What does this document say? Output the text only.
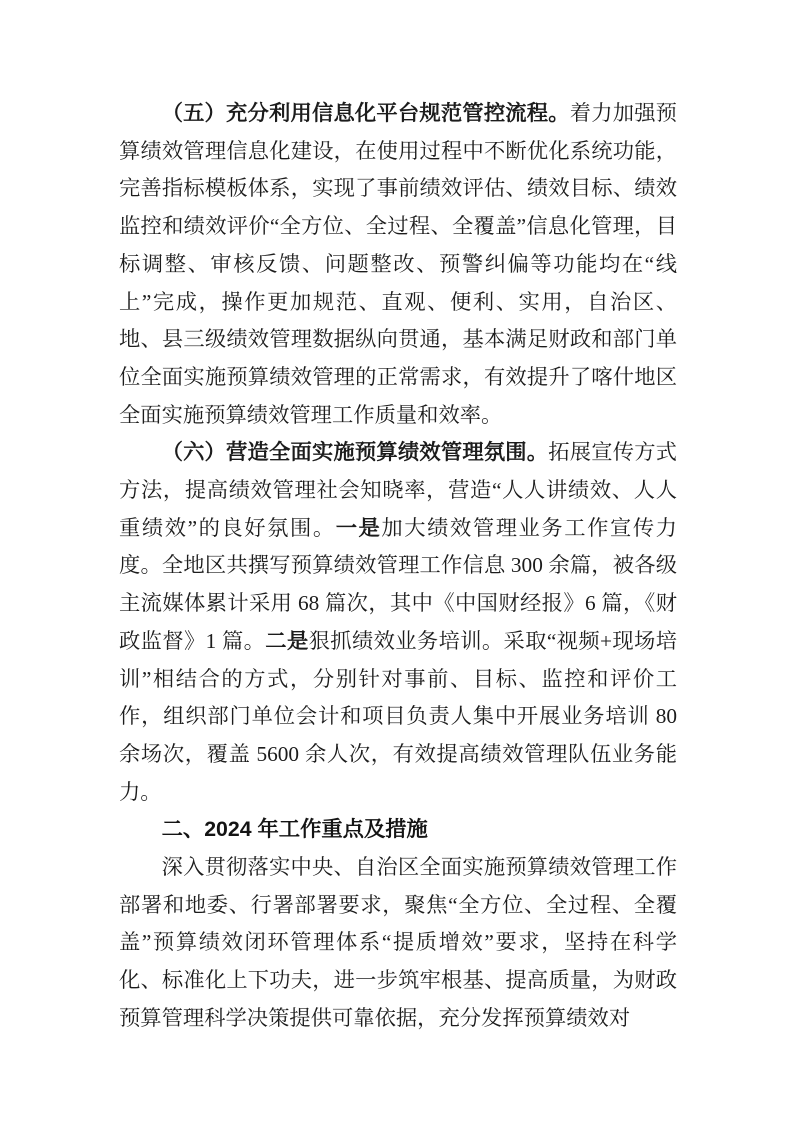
（五）充分利用信息化平台规范管控流程。着力加强预算绩效管理信息化建设，在使用过程中不断优化系统功能，完善指标模板体系，实现了事前绩效评估、绩效目标、绩效监控和绩效评价“全方位、全过程、全覆盖”信息化管理，目标调整、审核反馈、问题整改、预警纠偏等功能均在“线上”完成，操作更加规范、直观、便利、实用，自治区、地、县三级绩效管理数据纵向贯通，基本满足财政和部门单位全面实施预算绩效管理的正常需求，有效提升了喀什地区全面实施预算绩效管理工作质量和效率。

（六）营造全面实施预算绩效管理氛围。拓展宣传方式方法，提高绩效管理社会知晓率，营造“人人讲绩效、人人重绩效”的良好氛围。一是加大绩效管理业务工作宣传力度。全地区共撰写预算绩效管理工作信息 300 余篇，被各级主流媒体累计采用 68 篇次，其中《中国财经报》6 篇，《财政监督》1 篇。二是狠抓绩效业务培训。采取“视频+现场培训”相结合的方式，分别针对事前、目标、监控和评价工作，组织部门单位会计和项目负责人集中开展业务培训 80 余场次，覆盖 5600 余人次，有效提高绩效管理队伍业务能力。

二、2024 年工作重点及措施

深入贯彻落实中央、自治区全面实施预算绩效管理工作部署和地委、行署部署要求，聚焦“全方位、全过程、全覆盖”预算绩效闭环管理体系“提质增效”要求，坚持在科学化、标准化上下功夫，进一步筑牢根基、提高质量，为财政预算管理科学决策提供可靠依据，充分发挥预算绩效对
